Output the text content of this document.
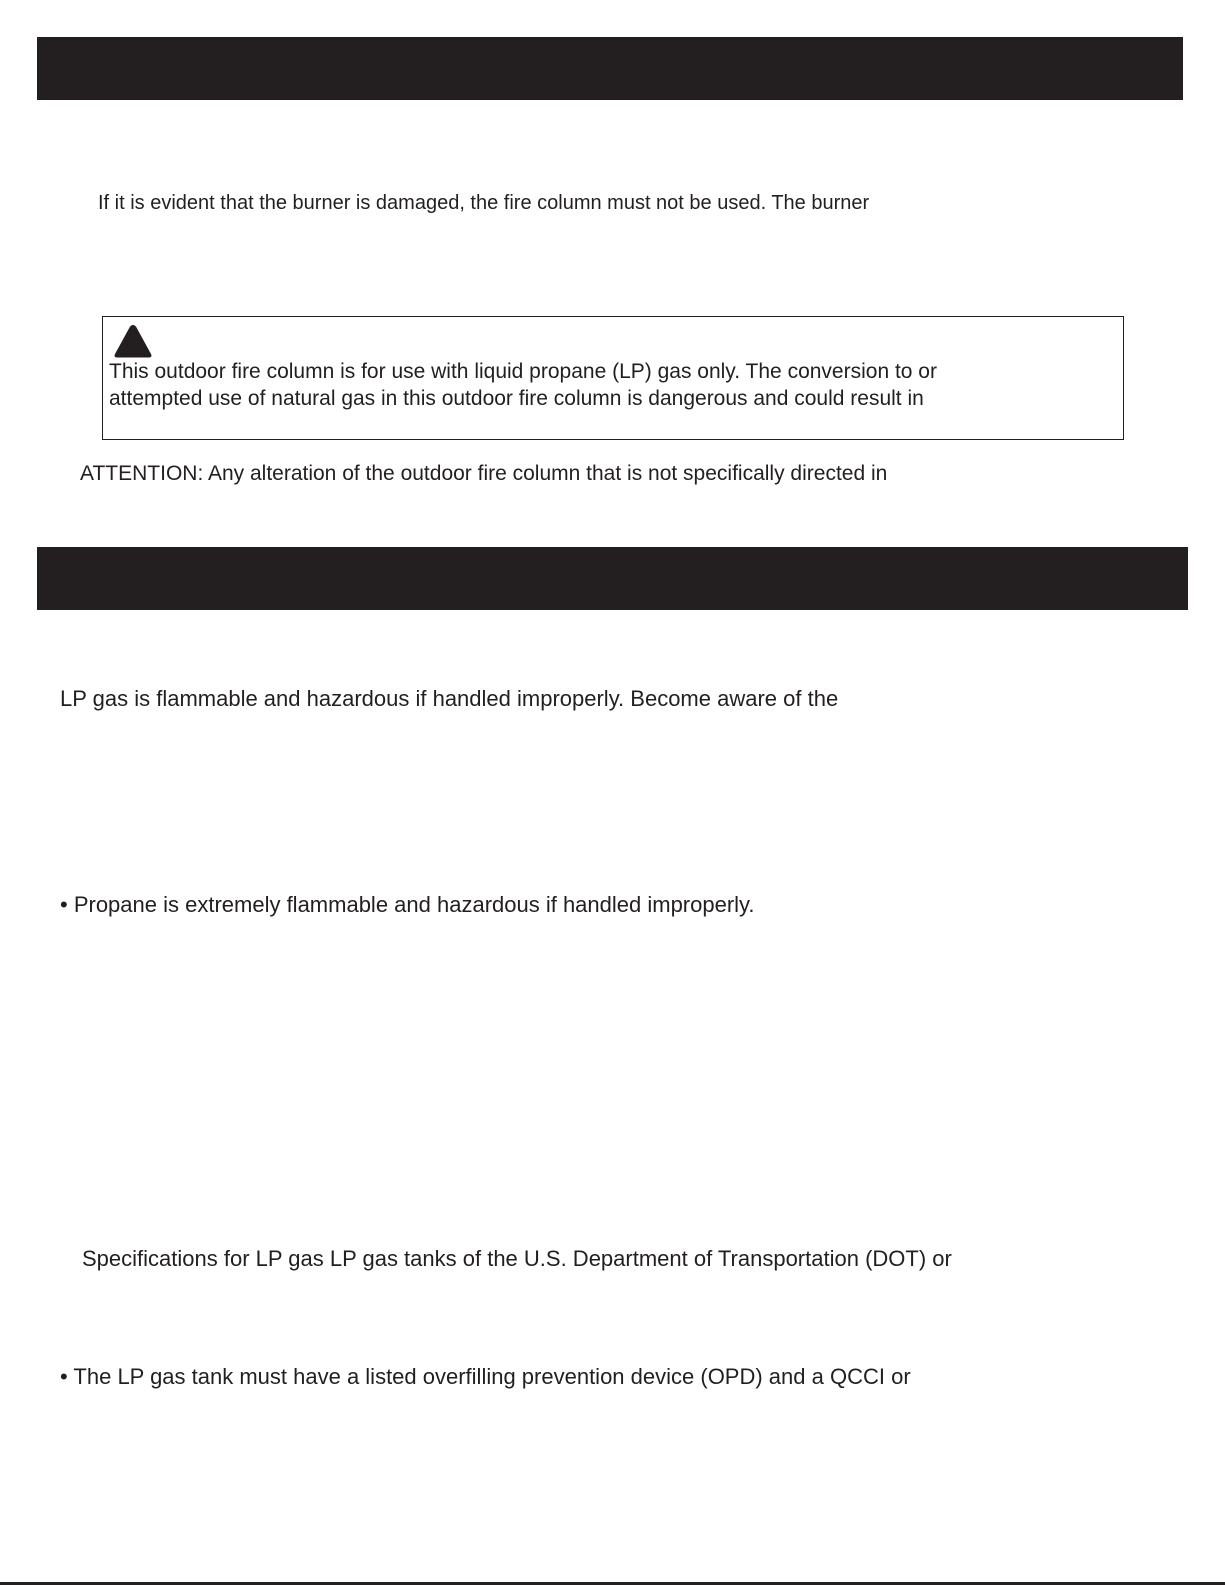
If it is evident that the burner is damaged, the fire column must not be used. The burner
This outdoor fire column is for use with liquid propane (LP) gas only. The conversion to or
attempted use of natural gas in this outdoor fire column is dangerous and could result in
ATTENTION: Any alteration of the outdoor fire column that is not specifically directed in
LP gas is flammable and hazardous if handled improperly. Become aware of the
• Propane is extremely flammable and hazardous if handled improperly.
Specifications for LP gas LP gas tanks of the U.S. Department of Transportation (DOT) or
• The LP gas tank must have a listed overfilling prevention device (OPD) and a QCCI or
